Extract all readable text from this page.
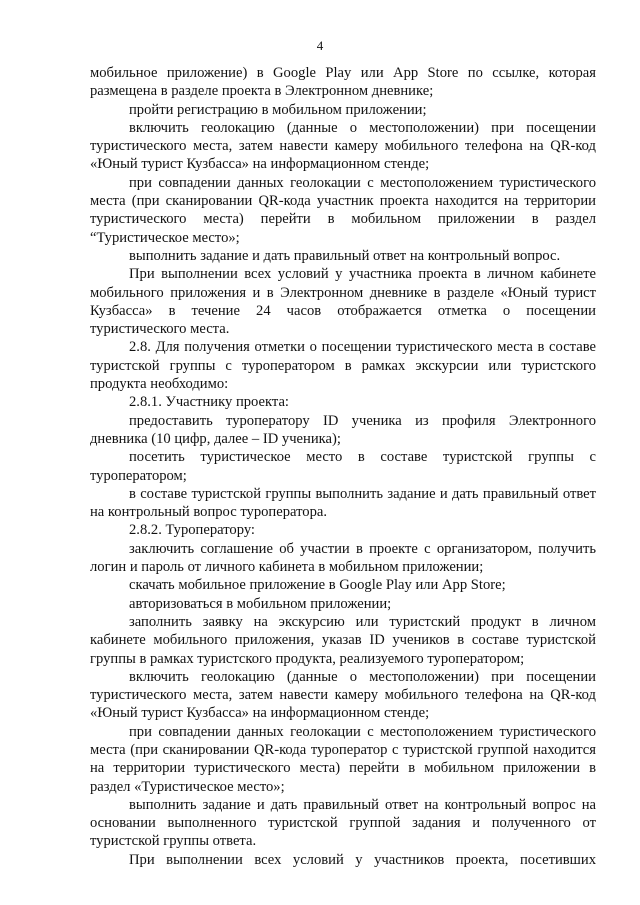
4

мобильное приложение) в Google Play или App Store по ссылке, которая размещена в разделе проекта в Электронном дневнике;

пройти регистрацию в мобильном приложении;

включить геолокацию (данные о местоположении) при посещении туристического места, затем навести камеру мобильного телефона на QR-код «Юный турист Кузбасса» на информационном стенде;

при совпадении данных геолокации с местоположением туристического места (при сканировании QR-кода участник проекта находится на территории туристического места) перейти в мобильном приложении в раздел “Туристическое место»;

выполнить задание и дать правильный ответ на контрольный вопрос.

При выполнении всех условий у участника проекта в личном кабинете мобильного приложения и в Электронном дневнике в разделе «Юный турист Кузбасса» в течение 24 часов отображается отметка о посещении туристического места.

2.8. Для получения отметки о посещении туристического места в составе туристской группы с туроператором в рамках экскурсии или туристского продукта необходимо:

2.8.1. Участнику проекта:

предоставить туроператору ID ученика из профиля Электронного дневника (10 цифр, далее – ID ученика);

посетить туристическое место в составе туристской группы с туроператором;

в составе туристской группы выполнить задание и дать правильный ответ на контрольный вопрос туроператора.

2.8.2. Туроператору:

заключить соглашение об участии в проекте с организатором, получить логин и пароль от личного кабинета в мобильном приложении;

скачать мобильное приложение в Google Play или App Store;

авторизоваться в мобильном приложении;

заполнить заявку на экскурсию или туристский продукт в личном кабинете мобильного приложения, указав ID учеников в составе туристской группы в рамках туристского продукта, реализуемого туроператором;

включить геолокацию (данные о местоположении) при посещении туристического места, затем навести камеру мобильного телефона на QR-код «Юный турист Кузбасса» на информационном стенде;

при совпадении данных геолокации с местоположением туристического места (при сканировании QR-кода туроператор с туристской группой находится на территории туристического места) перейти в мобильном приложении в раздел «Туристическое место»;

выполнить задание и дать правильный ответ на контрольный вопрос на основании выполненного туристской группой задания и полученного от туристской группы ответа.

При выполнении всех условий у участников проекта, посетивших
